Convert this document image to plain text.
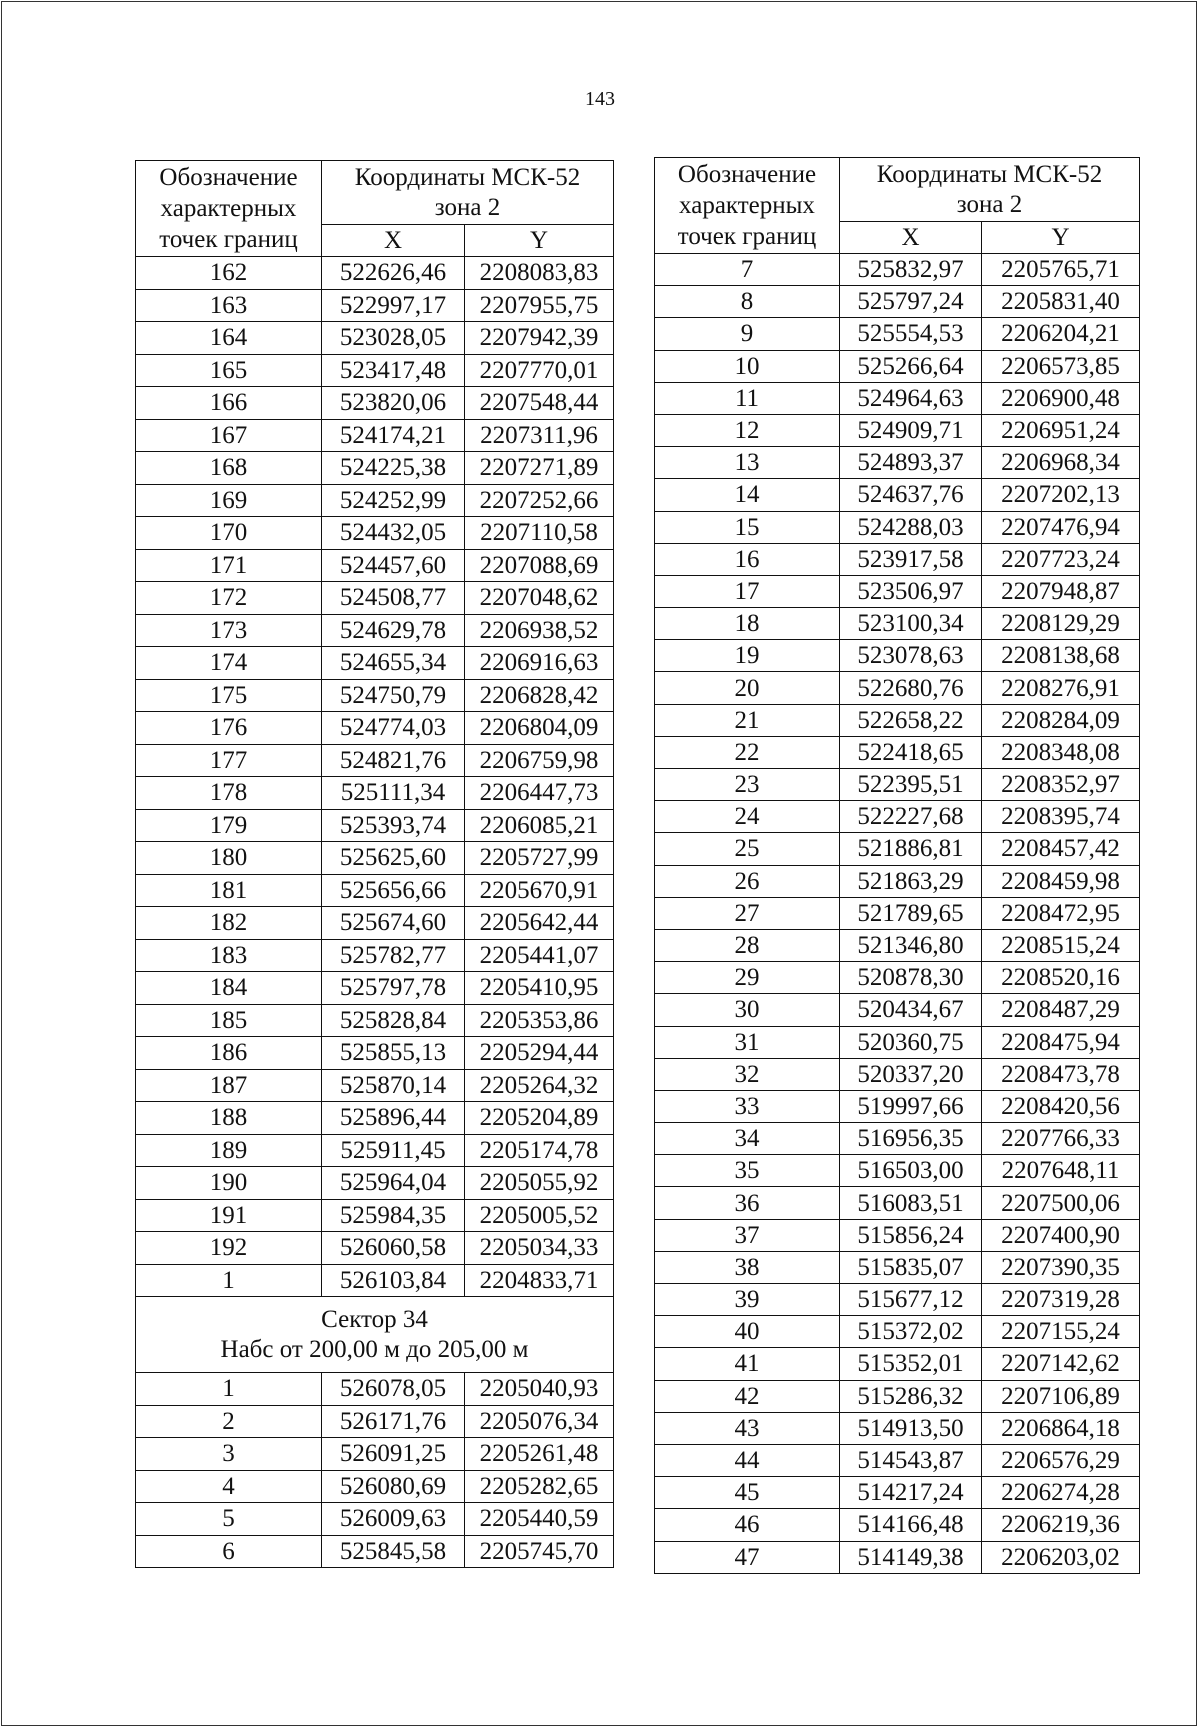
143
Обозначение
характерных
точек границ	Координаты МСК-52
зона 2	
	X	Y
162	522626,46	2208083,83
163	522997,17	2207955,75
164	523028,05	2207942,39
165	523417,48	2207770,01
166	523820,06	2207548,44
167	524174,21	2207311,96
168	524225,38	2207271,89
169	524252,99	2207252,66
170	524432,05	2207110,58
171	524457,60	2207088,69
172	524508,77	2207048,62
173	524629,78	2206938,52
174	524655,34	2206916,63
175	524750,79	2206828,42
176	524774,03	2206804,09
177	524821,76	2206759,98
178	525111,34	2206447,73
179	525393,74	2206085,21
180	525625,60	2205727,99
181	525656,66	2205670,91
182	525674,60	2205642,44
183	525782,77	2205441,07
184	525797,78	2205410,95
185	525828,84	2205353,86
186	525855,13	2205294,44
187	525870,14	2205264,32
188	525896,44	2205204,89
189	525911,45	2205174,78
190	525964,04	2205055,92
191	525984,35	2205005,52
192	526060,58	2205034,33
1	526103,84	2204833,71
Сектор 34
Набс от 200,00 м до 205,00 м		
1	526078,05	2205040,93
2	526171,76	2205076,34
3	526091,25	2205261,48
4	526080,69	2205282,65
5	526009,63	2205440,59
6	525845,58	2205745,70
Обозначение
характерных
точек границ	Координаты МСК-52
зона 2	
	X	Y
7	525832,97	2205765,71
8	525797,24	2205831,40
9	525554,53	2206204,21
10	525266,64	2206573,85
11	524964,63	2206900,48
12	524909,71	2206951,24
13	524893,37	2206968,34
14	524637,76	2207202,13
15	524288,03	2207476,94
16	523917,58	2207723,24
17	523506,97	2207948,87
18	523100,34	2208129,29
19	523078,63	2208138,68
20	522680,76	2208276,91
21	522658,22	2208284,09
22	522418,65	2208348,08
23	522395,51	2208352,97
24	522227,68	2208395,74
25	521886,81	2208457,42
26	521863,29	2208459,98
27	521789,65	2208472,95
28	521346,80	2208515,24
29	520878,30	2208520,16
30	520434,67	2208487,29
31	520360,75	2208475,94
32	520337,20	2208473,78
33	519997,66	2208420,56
34	516956,35	2207766,33
35	516503,00	2207648,11
36	516083,51	2207500,06
37	515856,24	2207400,90
38	515835,07	2207390,35
39	515677,12	2207319,28
40	515372,02	2207155,24
41	515352,01	2207142,62
42	515286,32	2207106,89
43	514913,50	2206864,18
44	514543,87	2206576,29
45	514217,24	2206274,28
46	514166,48	2206219,36
47	514149,38	2206203,02
